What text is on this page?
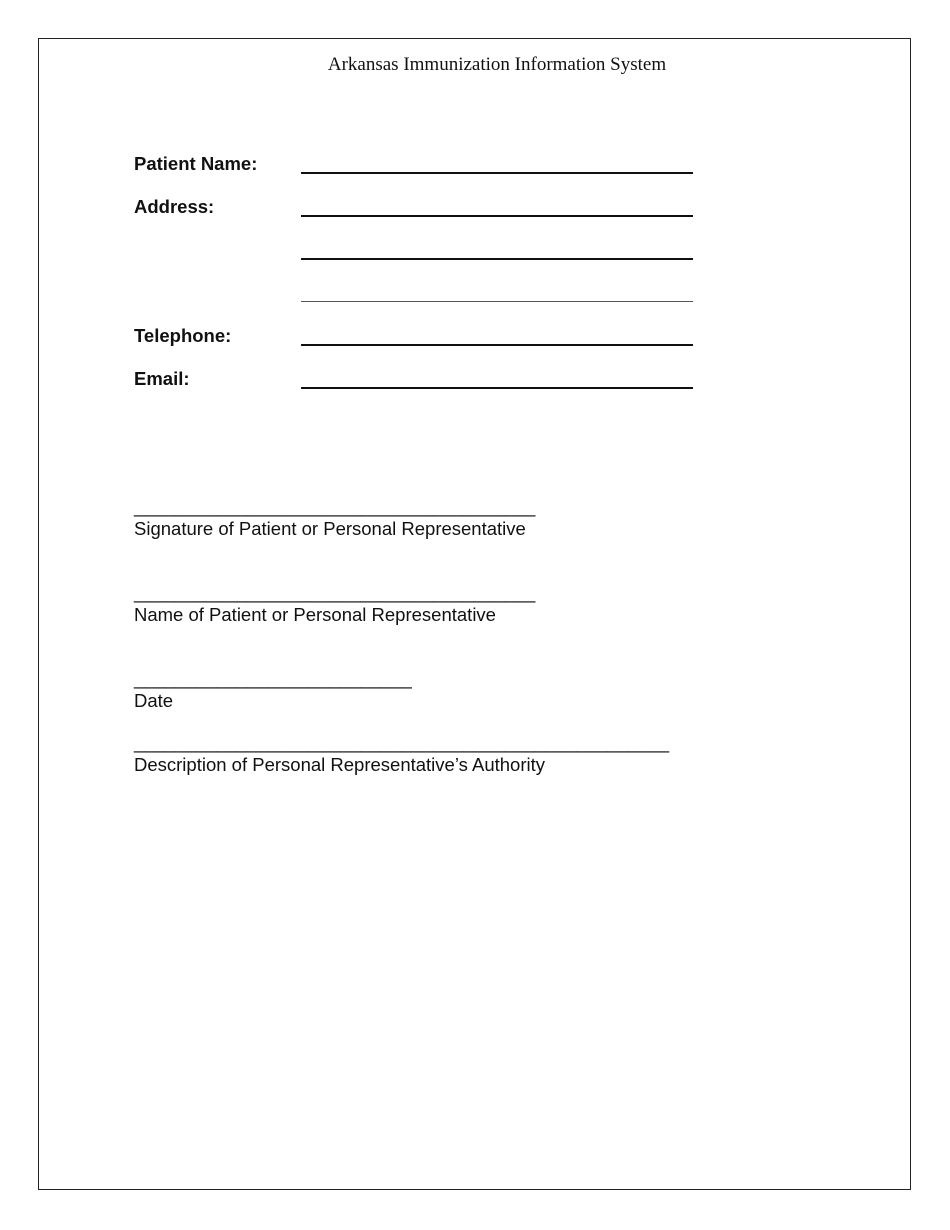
Arkansas Immunization Information System
Patient Name:
Address:
Telephone:
Email:
_______________________________________
Signature of Patient or Personal Representative
_______________________________________
Name of Patient or Personal Representative
___________________________
Date
____________________________________________________
Description of Personal Representative’s Authority
